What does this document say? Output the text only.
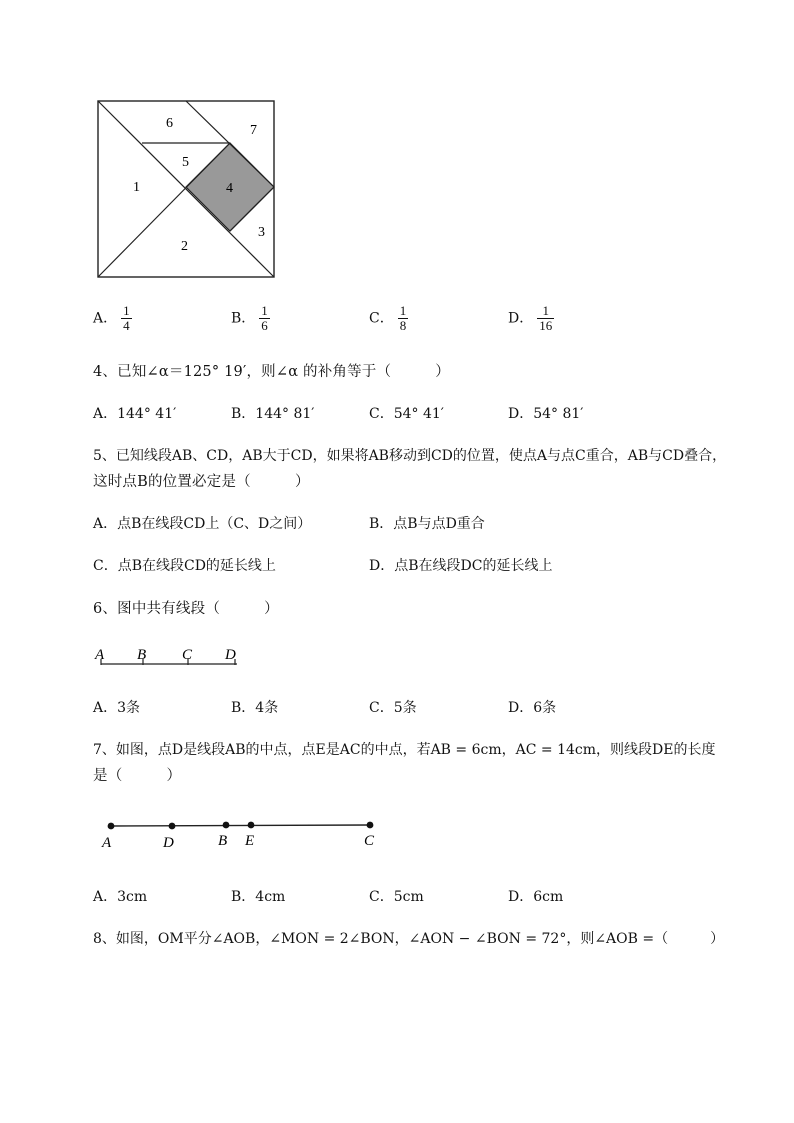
1
2
3
4
5
6	7
A． $\frac{1}{4}$	B． $\frac{1}{6}$	C． $\frac{1}{8}$	D． $\frac{1}{16}$
4、已知∠α＝125° 19′，则∠α 的补角等于（　　　）
A．144° 41′	B．144° 81′	C．54° 41′	D．54° 81′
5、已知线段AB、CD，AB大于CD，如果将AB移动到CD的位置，使点A与点C重合，AB与CD叠合，
这时点B的位置必定是（　　　）
A．点B在线段CD上（C、D之间）	B．点B与点D重合
C．点B在线段CD的延长线上	D．点B在线段DC的延长线上
6、图中共有线段（　　　）
A B C D
A．3条	B．4条	C．5条	D．6条
7、如图，点D是线段AB的中点，点E是AC的中点，若AB = 6cm，AC = 14cm，则线段DE的长度
是（　　　）
A	D	B E	C
A．3cm	B．4cm	C．5cm	D．6cm
8、如图，OM平分∠AOB，∠MON = 2∠BON，∠AON − ∠BON = 72°，则∠AOB =（　　　）
